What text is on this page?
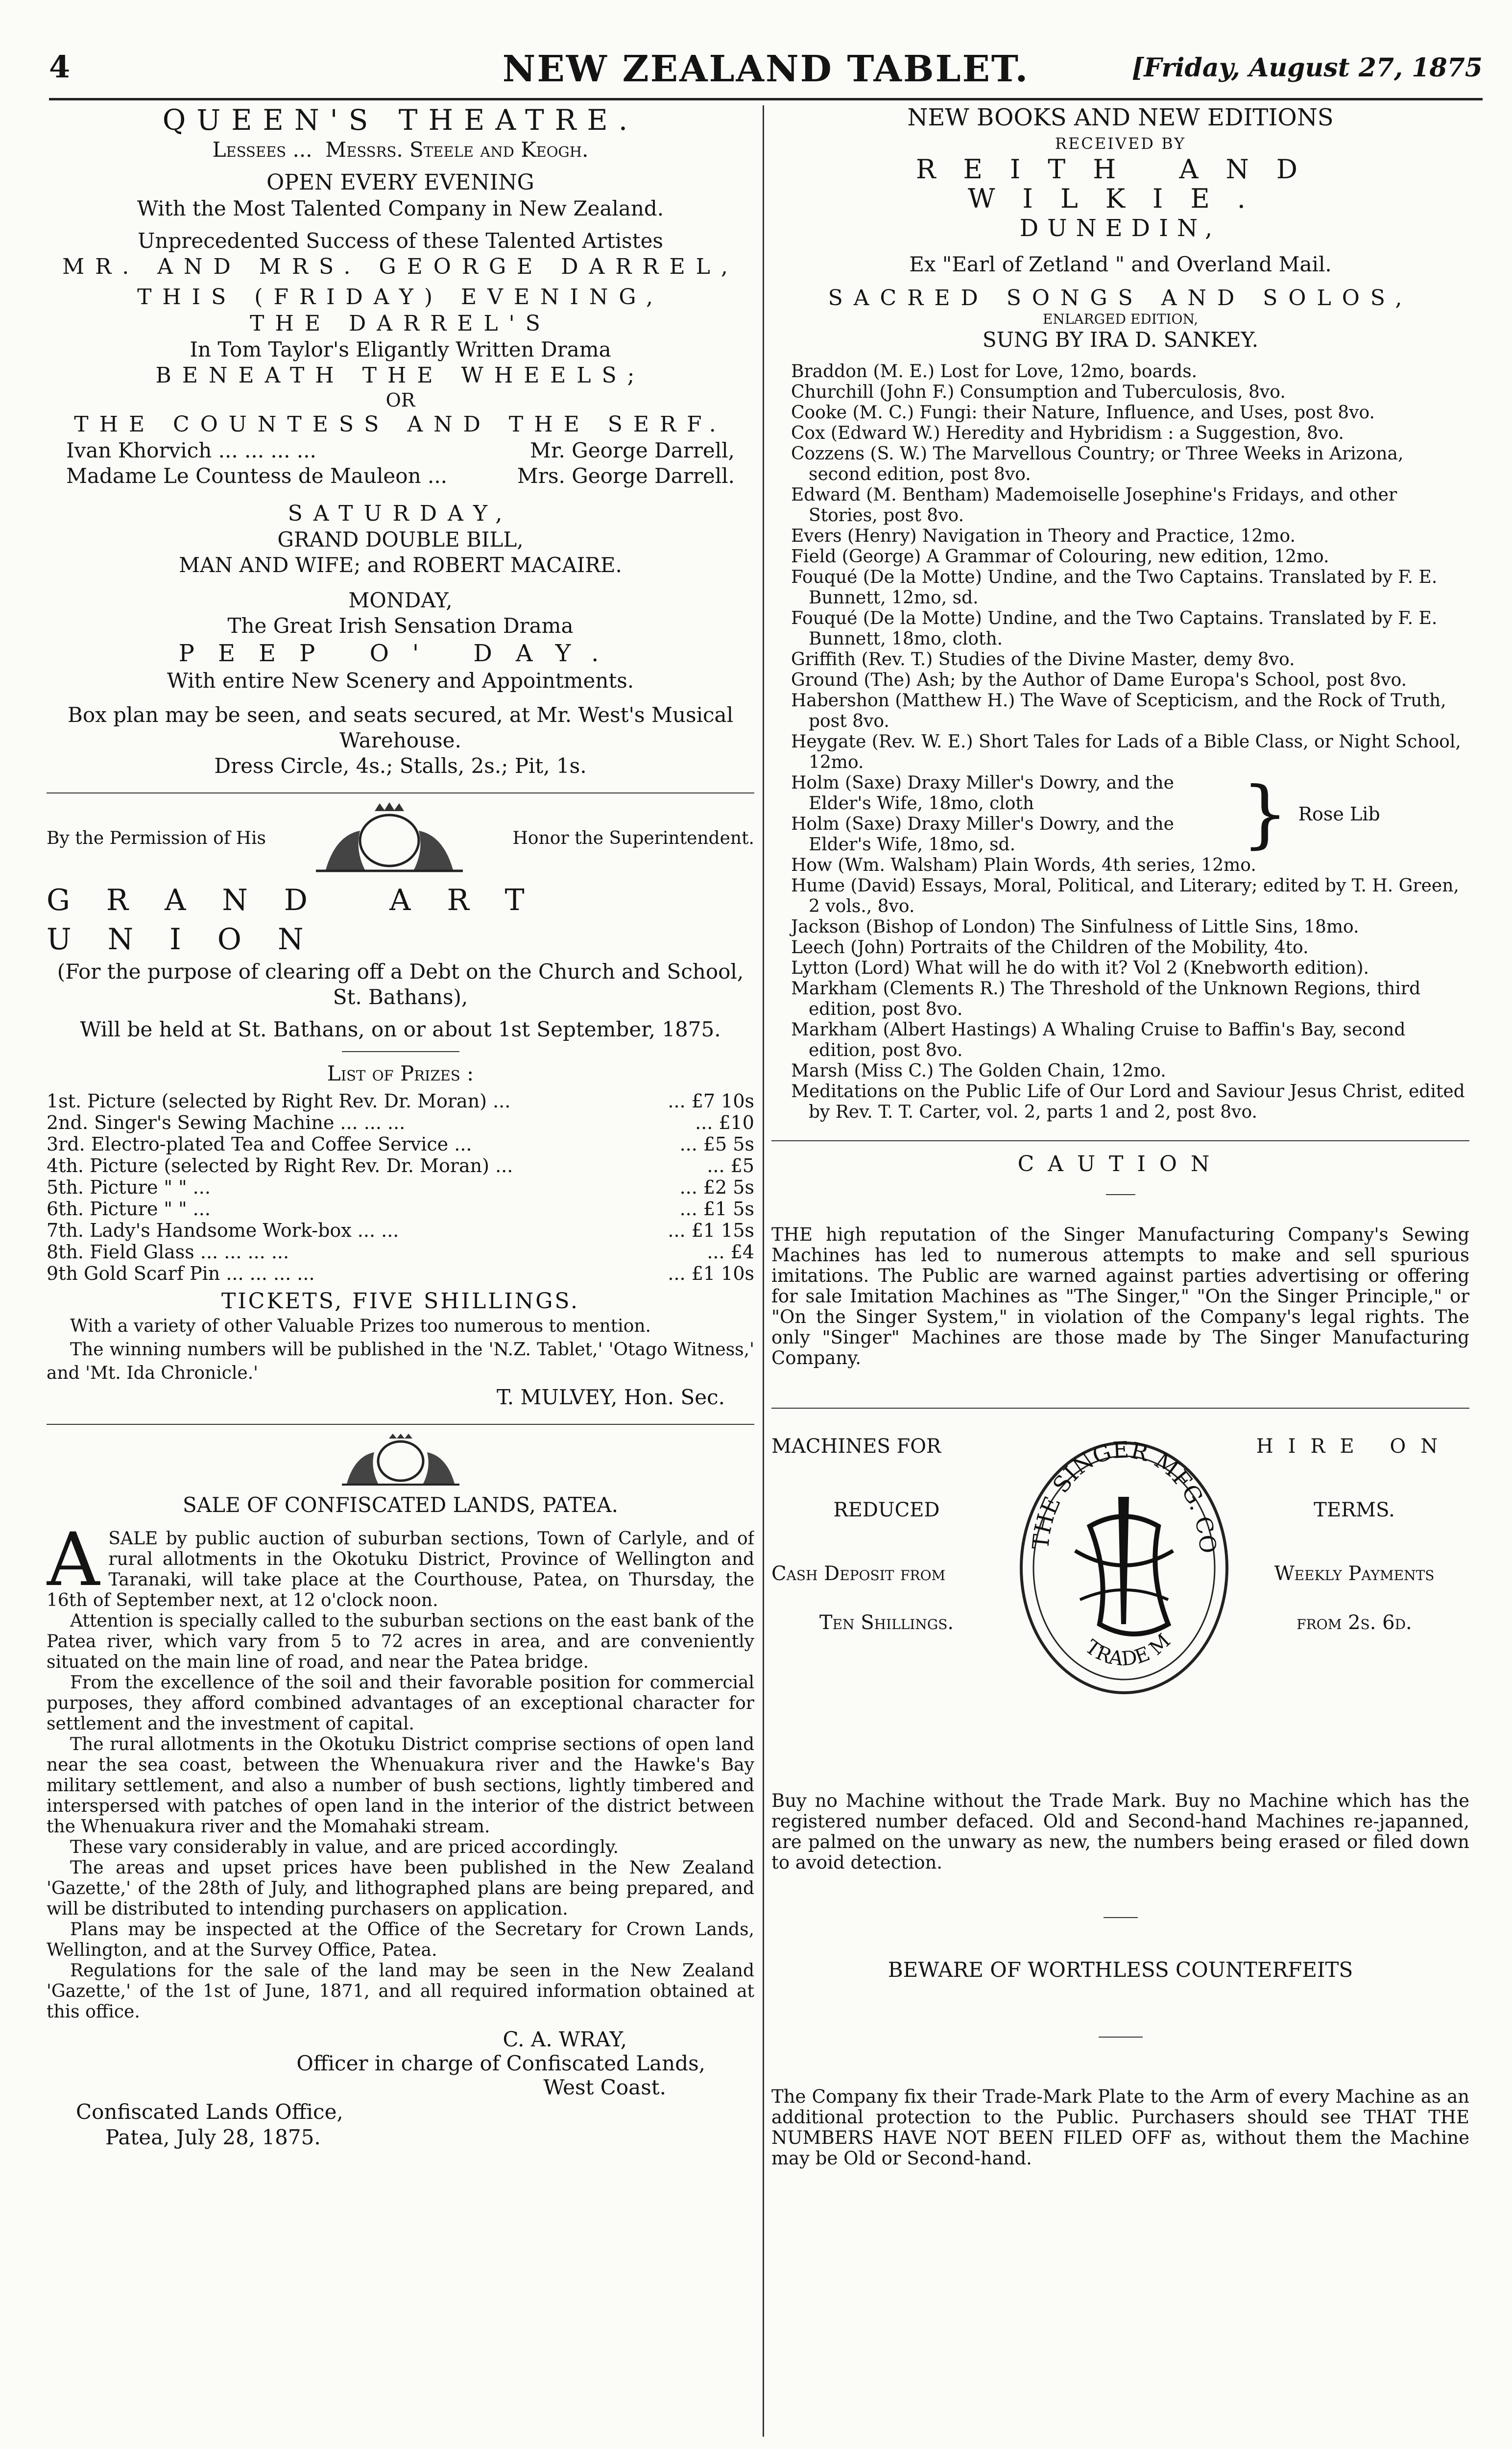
4	NEW ZEALAND TABLET.	[Friday, August 27, 1875

QUEEN'S THEATRE.

Lessees ... Messrs. Steele and Keogh.

OPEN EVERY EVENING

With the Most Talented Company in New Zealand.

Unprecedented Success of these Talented Artistes

MR. AND MRS. GEORGE DARREL,

THIS (FRIDAY) EVENING,

THE DARREL'S

In Tom Taylor's Eligantly Written Drama

BENEATH THE WHEELS;

OR

THE COUNTESS AND THE SERF.

Ivan Khorvich ... ... ... ...	Mr. George Darrell,
Madame Le Countess de Mauleon ...	Mrs. George Darrell.

SATURDAY,

GRAND DOUBLE BILL,

MAN AND WIFE; and ROBERT MACAIRE.

MONDAY,

The Great Irish Sensation Drama

PEEP O' DAY.

With entire New Scenery and Appointments.

Box plan may be seen, and seats secured, at Mr. West's Musical Warehouse.

Dress Circle, 4s.; Stalls, 2s.; Pit, 1s.

By the Permission of His	Honor the Superintendent.

GRAND ART UNION

(For the purpose of clearing off a Debt on the Church and School, St. Bathans),

Will be held at St. Bathans, on or about 1st September, 1875.

List of Prizes :

1st. Picture (selected by Right Rev. Dr. Moran) ...	... £7 10s
2nd. Singer's Sewing Machine ... ... ...	... £10
3rd. Electro-plated Tea and Coffee Service ...	... £5 5s
4th. Picture (selected by Right Rev. Dr. Moran) ...	... £5
5th. Picture " " ...	... £2 5s
6th. Picture " " ...	... £1 5s
7th. Lady's Handsome Work-box ... ...	... £1 15s
8th. Field Glass ... ... ... ...	... £4
9th Gold Scarf Pin ... ... ... ...	... £1 10s

TICKETS, FIVE SHILLINGS.

With a variety of other Valuable Prizes too numerous to mention.

The winning numbers will be published in the 'N.Z. Tablet,' 'Otago Witness,' and 'Mt. Ida Chronicle.'

T. MULVEY, Hon. Sec.

SALE OF CONFISCATED LANDS, PATEA.

A SALE by public auction of suburban sections, Town of Carlyle, and of rural allotments in the Okotuku District, Province of Wellington and Taranaki, will take place at the Courthouse, Patea, on Thursday, the 16th of September next, at 12 o'clock noon.

Attention is specially called to the suburban sections on the east bank of the Patea river, which vary from 5 to 72 acres in area, and are conveniently situated on the main line of road, and near the Patea bridge.

From the excellence of the soil and their favorable position for commercial purposes, they afford combined advantages of an exceptional character for settlement and the investment of capital.

The rural allotments in the Okotuku District comprise sections of open land near the sea coast, between the Whenuakura river and the Hawke's Bay military settlement, and also a number of bush sections, lightly timbered and interspersed with patches of open land in the interior of the district between the Whenuakura river and the Momahaki stream.

These vary considerably in value, and are priced accordingly.

The areas and upset prices have been published in the New Zealand 'Gazette,' of the 28th of July, and lithographed plans are being prepared, and will be distributed to intending purchasers on application.

Plans may be inspected at the Office of the Secretary for Crown Lands, Wellington, and at the Survey Office, Patea.

Regulations for the sale of the land may be seen in the New Zealand 'Gazette,' of the 1st of June, 1871, and all required information obtained at this office.

C. A. WRAY,

Officer in charge of Confiscated Lands,

West Coast.

Confiscated Lands Office,

Patea, July 28, 1875.

NEW BOOKS AND NEW EDITIONS

RECEIVED BY

REITH AND WILKIE.

DUNEDIN,

Ex "Earl of Zetland " and Overland Mail.

SACRED SONGS AND SOLOS,

ENLARGED EDITION,

SUNG BY IRA D. SANKEY.

Braddon (M. E.) Lost for Love, 12mo, boards.

Churchill (John F.) Consumption and Tuberculosis, 8vo.

Cooke (M. C.) Fungi: their Nature, Influence, and Uses, post 8vo.

Cox (Edward W.) Heredity and Hybridism : a Suggestion, 8vo.

Cozzens (S. W.) The Marvellous Country; or Three Weeks in Arizona, second edition, post 8vo.

Edward (M. Bentham) Mademoiselle Josephine's Fridays, and other Stories, post 8vo.

Evers (Henry) Navigation in Theory and Practice, 12mo.

Field (George) A Grammar of Colouring, new edition, 12mo.

Fouqué (De la Motte) Undine, and the Two Captains. Translated by F. E. Bunnett, 12mo, sd.

Fouqué (De la Motte) Undine, and the Two Captains. Translated by F. E. Bunnett, 18mo, cloth.

Griffith (Rev. T.) Studies of the Divine Master, demy 8vo.

Ground (The) Ash; by the Author of Dame Europa's School, post 8vo.

Habershon (Matthew H.) The Wave of Scepticism, and the Rock of Truth, post 8vo.

Heygate (Rev. W. E.) Short Tales for Lads of a Bible Class, or Night School, 12mo.

Holm (Saxe) Draxy Miller's Dowry, and the Elder's Wife, 18mo, cloth

Holm (Saxe) Draxy Miller's Dowry, and the Elder's Wife, 18mo, sd.	} Rose Lib

How (Wm. Walsham) Plain Words, 4th series, 12mo.

Hume (David) Essays, Moral, Political, and Literary; edited by T. H. Green, 2 vols., 8vo.

Jackson (Bishop of London) The Sinfulness of Little Sins, 18mo.

Leech (John) Portraits of the Children of the Mobility, 4to.

Lytton (Lord) What will he do with it? Vol 2 (Knebworth edition).

Markham (Clements R.) The Threshold of the Unknown Regions, third edition, post 8vo.

Markham (Albert Hastings) A Whaling Cruise to Baffin's Bay, second edition, post 8vo.

Marsh (Miss C.) The Golden Chain, 12mo.

Meditations on the Public Life of Our Lord and Saviour Jesus Christ, edited by Rev. T. T. Carter, vol. 2, parts 1 and 2, post 8vo.

CAUTION

THE high reputation of the Singer Manufacturing Company's Sewing Machines has led to numerous attempts to make and sell spurious imitations. The Public are warned against parties advertising or offering for sale Imitation Machines as "The Singer," "On the Singer Principle," or "On the Singer System," in violation of the Company's legal rights. The only "Singer" Machines are those made by The Singer Manufacturing Company.

MACHINES FOR
REDUCED
Cash Deposit from
Ten Shillings.
HIRE ON
TERMS.
Weekly Payments
from 2s. 6d.
THE SINGER MFG. CO
TRADE M

Buy no Machine without the Trade Mark. Buy no Machine which has the registered number defaced. Old and Second-hand Machines re-japanned, are palmed on the unwary as new, the numbers being erased or filed down to avoid detection.

BEWARE OF WORTHLESS COUNTERFEITS

The Company fix their Trade-Mark Plate to the Arm of every Machine as an additional protection to the Public. Purchasers should see THAT THE NUMBERS HAVE NOT BEEN FILED OFF as, without them the Machine may be Old or Second-hand.
